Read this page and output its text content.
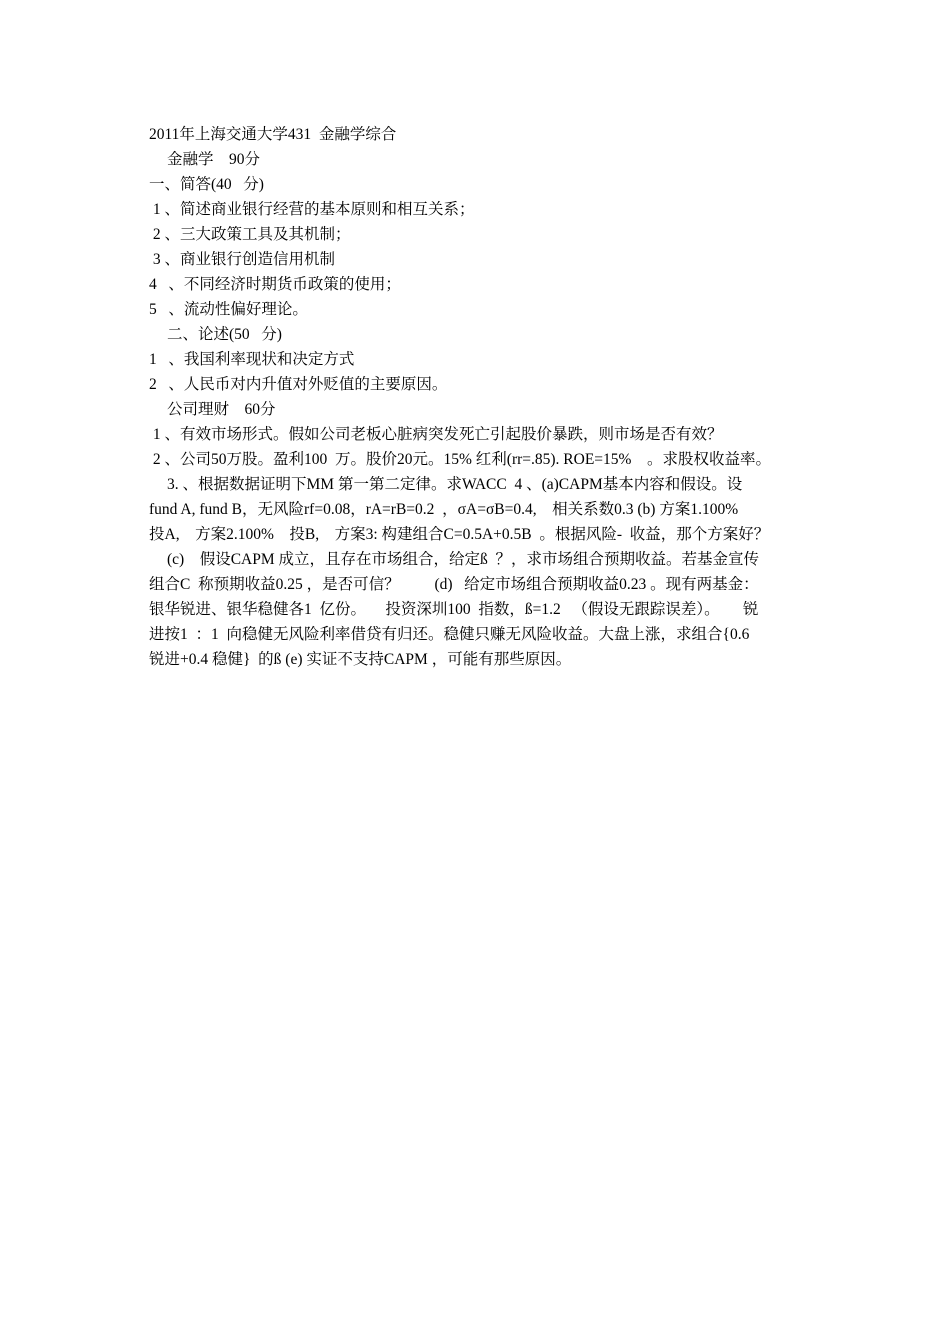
2011年上海交通大学431  金融学综合

金融学    90分

一、简答(40   分)

1 、简述商业银行经营的基本原则和相互关系；

2 、三大政策工具及其机制；

3 、商业银行创造信用机制

4   、不同经济时期货币政策的使用；

5   、流动性偏好理论。

二、论述(50   分)

1   、我国利率现状和决定方式

2   、人民币对内升值对外贬值的主要原因。

公司理财    60分

1 、有效市场形式。假如公司老板心脏病突发死亡引起股价暴跌，则市场是否有效？

2 、公司50万股。盈利100  万。股价20元。15% 红利(rr=.85). ROE=15%    。求股权收益率。

3. 、根据数据证明下MM 第一第二定律。求WACC  4 、(a)CAPM基本内容和假设。设

fund A, fund B，无风险rf=0.08，rA=rB=0.2  ，σA=σB=0.4,    相关系数0.3 (b) 方案1.100%

投A,    方案2.100%    投B,    方案3: 构建组合C=0.5A+0.5B  。根据风险-  收益，那个方案好？

(c)    假设CAPM 成立，且存在市场组合，给定ß  ？，求市场组合预期收益。若基金宣传

组合C  称预期收益0.25 ，是否可信？         (d)   给定市场组合预期收益0.23 。现有两基金：

银华锐进、银华稳健各1  亿份。     投资深圳100  指数，ß=1.2   （假设无跟踪误差）。      锐

进按1  ：1  向稳健无风险利率借贷有归还。稳健只赚无风险收益。大盘上涨，求组合{0.6

锐进+0.4 稳健}  的ß (e) 实证不支持CAPM ，可能有那些原因。
